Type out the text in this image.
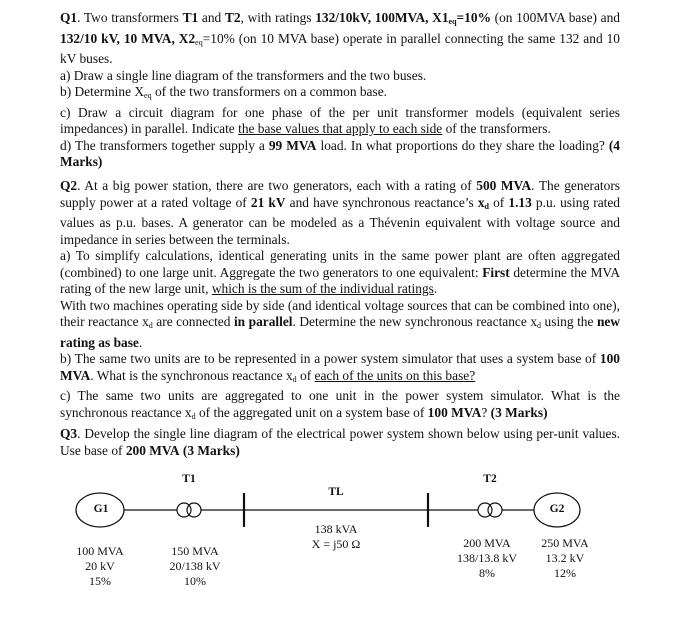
Q1. Two transformers T1 and T2, with ratings 132/10kV, 100MVA, $X1_{eq}=10\%$ (on 100MVA base) and 132/10 kV, 10 MVA, $X2_{eq}=10\%$ (on 10 MVA base) operate in parallel connecting the same 132 and 10 kV buses.

a) Draw a single line diagram of the transformers and the two buses.

b) Determine $X_{eq}$ of the two transformers on a common base.

c) Draw a circuit diagram for one phase of the per unit transformer models (equivalent series impedances) in parallel. Indicate the base values that apply to each side of the transformers.

d) The transformers together supply a 99 MVA load. In what proportions do they share the loading? (4 Marks)

Q2. At a big power station, there are two generators, each with a rating of 500 MVA. The generators supply power at a rated voltage of 21 kV and have synchronous reactance’s $x_d$ of 1.13 p.u. using rated values as p.u. bases. A generator can be modeled as a Thévenin equivalent with voltage source and impedance in series between the terminals.

a) To simplify calculations, identical generating units in the same power plant are often aggregated (combined) to one large unit. Aggregate the two generators to one equivalent: First determine the MVA rating of the new large unit, which is the sum of the individual ratings.

With two machines operating side by side (and identical voltage sources that can be combined into one), their reactance $x_d$ are connected in parallel. Determine the new synchronous reactance $x_d$ using the new rating as base.

b) The same two units are to be represented in a power system simulator that uses a system base of 100 MVA. What is the synchronous reactance $x_d$ of each of the units on this base?

c) The same two units are aggregated to one unit in the power system simulator. What is the synchronous reactance $x_d$ of the aggregated unit on a system base of 100 MVA? (3 Marks)

Q3. Develop the single line diagram of the electrical power system shown below using per-unit values. Use base of 200 MVA (3 Marks)

G1	G2
T1	T2
TL
138 kVA
X = j50 Ω
100 MVA
20 kV
15%
150 MVA
20/138 kV
10%
200 MVA
138/13.8 kV
8%
250 MVA
13.2 kV
12%
